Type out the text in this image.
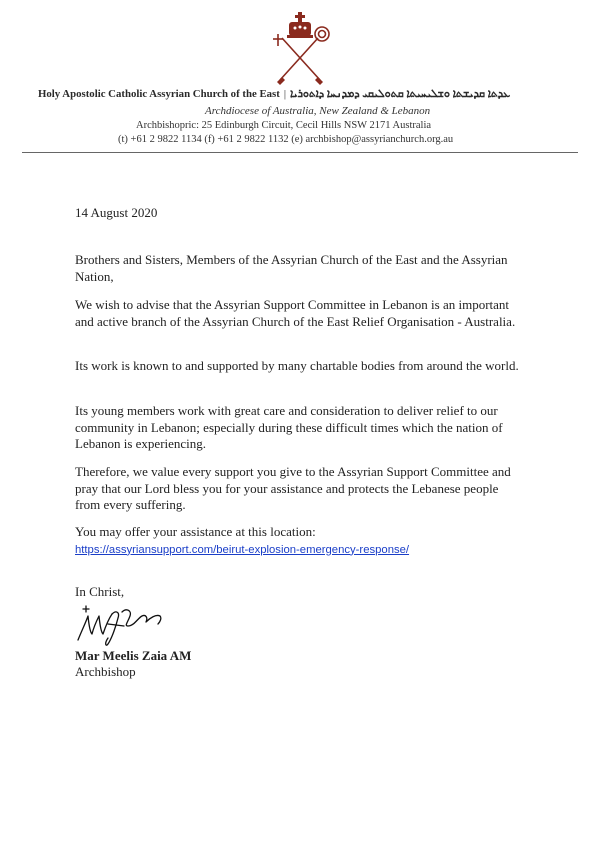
Holy Apostolic Catholic Assyrian Church of the East | ܥܕܬܐ ܩܕܝܫܬܐ ܘܫܠܝܚܝܬܐ ܩܬܘܠܝܩܝ ܕܡܕܢܚܐ ܕܐܬܘܪܝܐ
Archdiocese of Australia, New Zealand & Lebanon
Archbishopric: 25 Edinburgh Circuit, Cecil Hills NSW 2171 Australia
(t) +61 2 9822 1134 (f) +61 2 9822 1132 (e) archbishop@assyrianchurch.org.au
14 August 2020
Brothers and Sisters, Members of the Assyrian Church of the East and the Assyrian Nation,
We wish to advise that the Assyrian Support Committee in Lebanon is an important and active branch of the Assyrian Church of the East Relief Organisation - Australia.
Its work is known to and supported by many chartable bodies from around the world.
Its young members work with great care and consideration to deliver relief to our community in Lebanon; especially during these difficult times which the nation of Lebanon is experiencing.
Therefore, we value every support you give to the Assyrian Support Committee and pray that our Lord bless you for your assistance and protects the Lebanese people from every suffering.
You may offer your assistance at this location:
https://assyriansupport.com/beirut-explosion-emergency-response/
In Christ,
Mar Meelis Zaia AM
Archbishop
